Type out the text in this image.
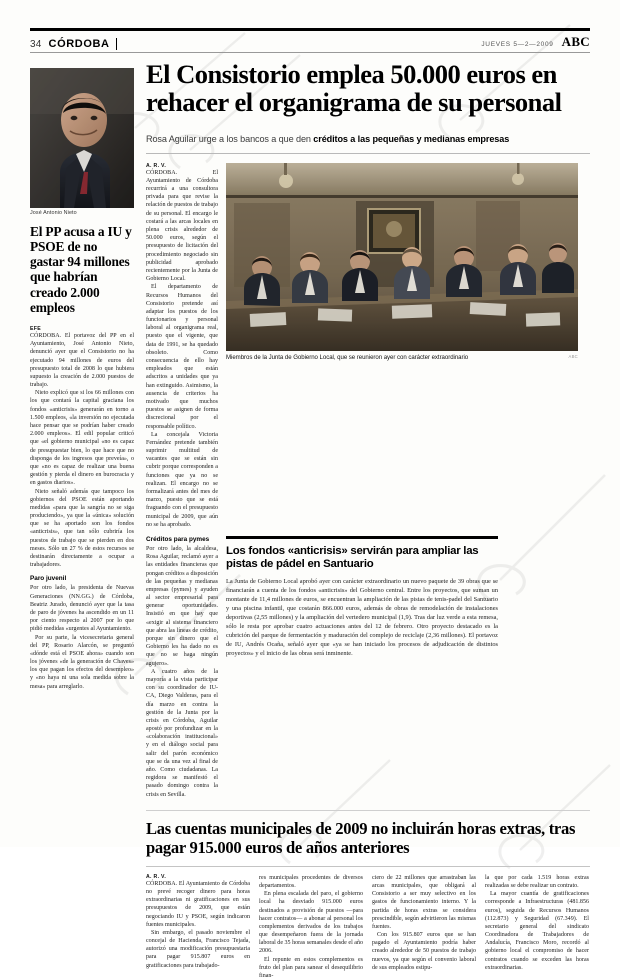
34 CÓRDOBA	JUEVES 5—2—2009 ABC
José Antonio Nieto
El PP acusa a IU y PSOE de no gastar 94 millones que habrían creado 2.000 empleos
EFE

CÓRDOBA. El portavoz del PP en el Ayuntamiento, José Antonio Nieto, denunció ayer que el Consistorio no ha ejecutado 94 millones de euros del presupuesto total de 2008 lo que hubiera supuesto la creación de 2.000 puestos de trabajo.

Nieto explicó que si los 66 millones con los que contará la capital graciana los fondos «anticrisis» generarán en torno a 1.500 empleos, «la inversión no ejecutada hace pensar que se podrían haber creado 2.000 empleos». El edil popular criticó que «el gobierno municipal «no es capaz de presupuestar bien, lo que hace que no disponga de los ingresos que preveía», o que «no es capaz de realizar una buena gestión y pierda el dinero en burocracia y en gastos diarios».

Nieto señaló además que tampoco los gobiernos del PSOE están aportando medidas «para que la sangría no se siga produciendo», ya que la «única» solución que se ha aportado son los fondos «anticrisis», que tan sólo cubriría los puestos de trabajo que se pierden en dos meses. Sólo un 27 % de estos recursos se destinarán directamente a ocupar a trabajadores.

Paro juvenil

Por otro lado, la presidenta de Nuevas Generaciones (NN.GG.) de Córdoba, Beatriz Jurado, denunció ayer que la tasa de paro de jóvenes ha ascendido en un 11 por ciento respecto al 2007 por lo que pidió medidas «urgentes al Ayuntamiento.

Por su parte, la vicesecretaria general del PP, Rosario Alarcón, se preguntó «dónde está el PSOE ahora» cuando son los jóvenes «de la generación de Chaves» los que pagan los efectos del desempleo» y «no haya ni una sola medida sobre la mesa» para arreglarlo.

El Consistorio emplea 50.000 euros en rehacer el organigrama de su personal
Rosa Aguilar urge a los bancos a que den créditos a las pequeñas y medianas empresas
A. R. V.

CÓRDOBA. El Ayuntamiento de Córdoba recurrirá a una consultora privada para que revise la relación de puestos de trabajo de su personal. El encargo le costará a las arcas locales en plena crisis alrededor de 50.000 euros, según el presupuesto de licitación del procedimiento negociado sin publicidad aprobado recientemente por la Junta de Gobierno Local.

El departamento de Recursos Humanos del Consistorio pretende así adaptar los puestos de los funcionarios y personal laboral al organigrama real, puesto que el vigente, que data de 1991, se ha quedado obsoleto. Como consecuencia de ello hay empleados que están adscritos a unidades que ya han extinguido. Asimismo, la ausencia de criterios ha motivado que muchos puestos se asignen de forma discrecional por el responsable político.

La concejala Victoria Fernández pretende también suprimir multitud de vacantes que se están sin cubrir porque corresponden a funciones que ya no se realizan. El encargo no se formalizará antes del mes de marzo, puesto que se está fraguando con el presupuesto municipal de 2009, que aún no se ha aprobado.

Miembros de la Junta de Gobierno Local, que se reunieron ayer con carácter extraordinario	ABC
Créditos para pymes

Por otro lado, la alcaldesa, Rosa Aguilar, reclamó ayer a las entidades financieras que pongan créditos a disposición de las pequeñas y medianas empresas (pymes) y ayuden al sector empresarial para generar oportunidades. Insistió en que hay que «exigir al sistema financiero que abra las líneas de crédito, porque sin dinero que el Gobierno les ha dado no es que no se haga ningún agujero».

A cuatro años de la mayoría a la vista participar con su coordinador de IU-CA, Diego Valderas, para el día marzo en contra la gestión de la Junta por la crisis en Córdoba, Aguilar apostó por profundizar en la «colaboración institucional» y en el diálogo social para salir del parón económico que se da una vez al final de año. Como ciudadanas. La regidora se manifestó el pasado domingo contra la crisis en Sevilla.

Los fondos «anticrisis» servirán para ampliar las pistas de pádel en Santuario

La Junta de Gobierno Local aprobó ayer con carácter extraordinario un nuevo paquete de 39 obras que se financiarán a cuenta de los fondos «anticrisis» del Gobierno central. Entre los proyectos, que suman un montante de 11,4 millones de euros, se encuentran la ampliación de las pistas de tenis-padel del Santuario y una piscina infantil, que costarán 866.000 euros, además de obras de remodelación de instalaciones deportivas (2,55 millones) y la ampliación del vertedero municipal (1,9). Tras dar luz verde a esta remesa, sólo le resta por aprobar cuatro actuaciones antes del 12 de febrero. Otro proyecto destacado es la cubrición del parque de fermentación y maduración del complejo de reciclaje (2,36 millones). El portavoz de IU, Andrés Ocaña, señaló ayer que «ya se han iniciado los procesos de adjudicación de distintos proyectos» y el inicio de las obras será inminente.

Las cuentas municipales de 2009 no incluirán horas extras, tras pagar 915.000 euros de años anteriores
A. R. V.

CÓRDOBA. El Ayuntamiento de Córdoba no prevé recoger dinero para horas extraordinarias ni gratificaciones en sus presupuestos de 2009, que están negociando IU y PSOE, según indicaron fuentes municipales.

Sin embargo, el pasado noviembre el concejal de Hacienda, Francisco Tejada, autorizó una modificación presupuestaria para pagar 915.807 euros en gratificaciones para trabajado-

res municipales procedentes de diversos departamentos.

En plena escalada del paro, el gobierno local ha desviado 915.000 euros destinados a provisión de puestos —para hacer contratos— a abonar al personal los complementos derivados de los trabajos que desempeñaron fuera de la jornada laboral de 35 horas semanales desde el año 2006.

El repunte en estos complementos es fruto del plan para sanear el desequilibrio finan-

ciero de 22 millones que arrastraban las arcas municipales, que obligará al Consistorio a ser muy selectivo en los gastos de funcionamiento interno. Y la partida de horas extras se considera prescindible, según advirtieron las mismas fuentes.

Con los 915.807 euros que se han pagado el Ayuntamiento podría haber creado alrededor de 50 puestos de trabajo nuevos, ya que según el convenio laboral de sus empleados estipu-

la que por cada 1.519 horas extras realizadas se debe realizar un contrato.

La mayor cuantía de gratificaciones corresponde a Infraestructuras (481.856 euros), seguida de Recursos Humanos (112.873) y Seguridad (67.349). El secretario general del sindicato Coordinadora de Trabajadores de Andalucía, Francisco Moro, recordó al gobierno local el compromiso de hacer contratos cuando se exceden las horas extraordinarias.
